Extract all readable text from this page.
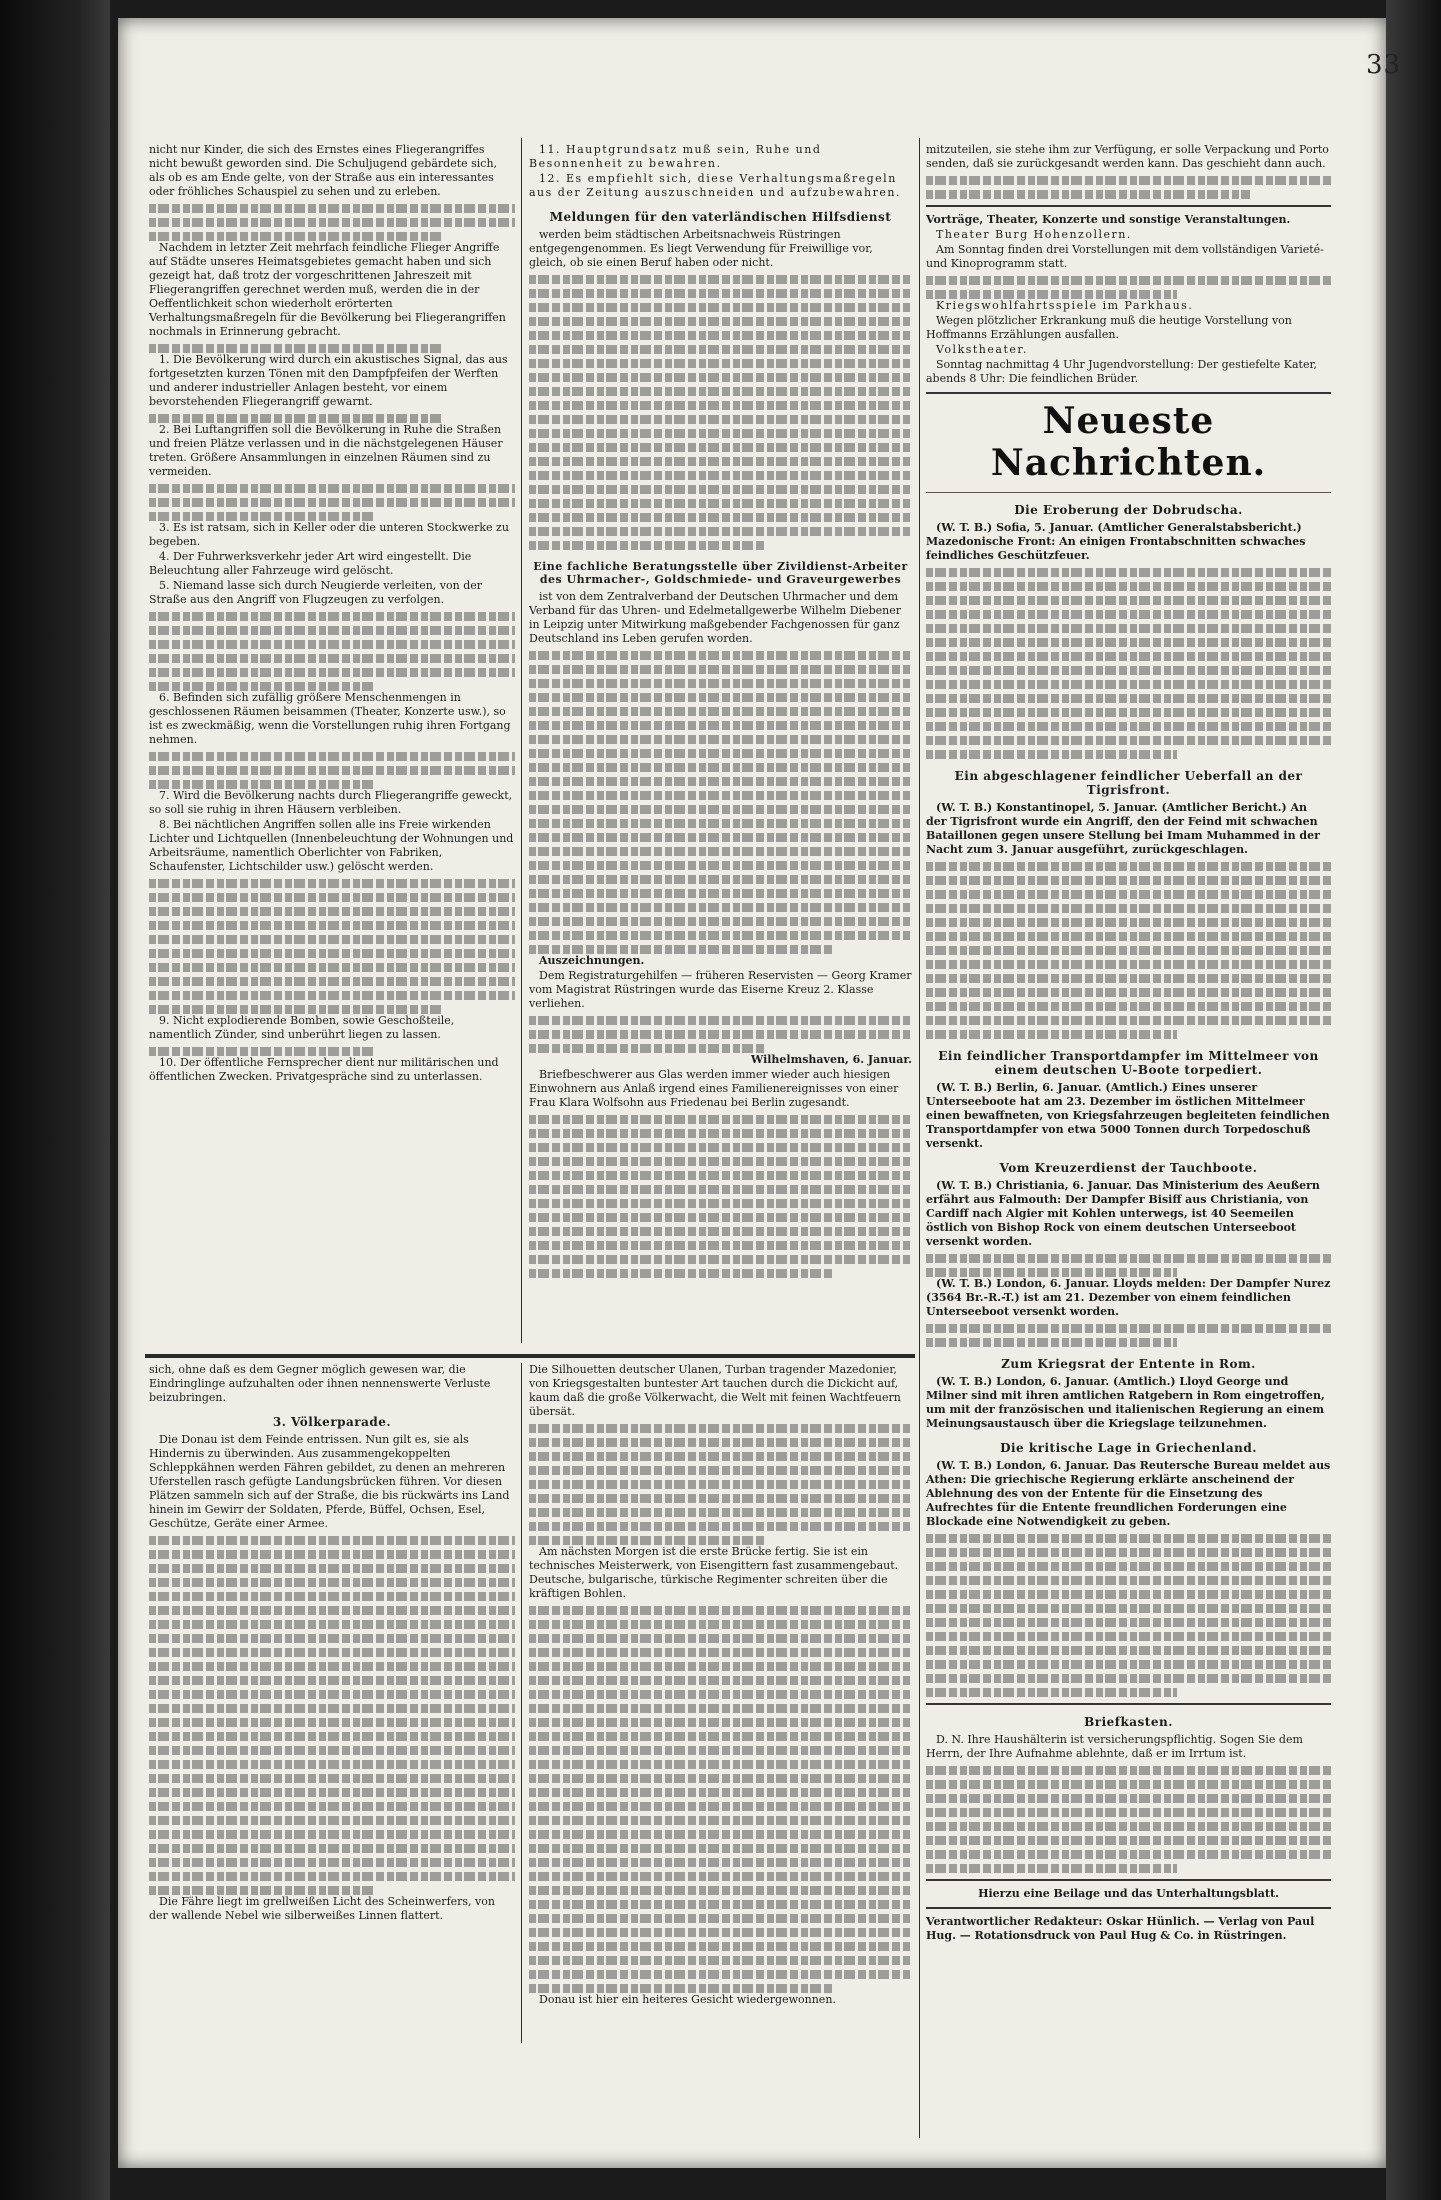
33

nicht nur Kinder, die sich des Ernstes eines Fliegerangriffes nicht bewußt geworden sind. Die Schuljugend gebärdete sich, als ob es am Ende gelte, von der Straße aus ein interessantes oder fröhliches Schauspiel zu sehen und zu erleben.

Nachdem in letzter Zeit mehrfach feindliche Flieger Angriffe auf Städte unseres Heimatsgebietes gemacht haben und sich gezeigt hat, daß trotz der vorgeschrittenen Jahreszeit mit Fliegerangriffen gerechnet werden muß, werden die in der Oeffentlichkeit schon wiederholt erörterten Verhaltungsmaßregeln für die Bevölkerung bei Fliegerangriffen nochmals in Erinnerung gebracht.

1. Die Bevölkerung wird durch ein akustisches Signal, das aus fortgesetzten kurzen Tönen mit den Dampfpfeifen der Werften und anderer industrieller Anlagen besteht, vor einem bevorstehenden Fliegerangriff gewarnt.

2. Bei Luftangriffen soll die Bevölkerung in Ruhe die Straßen und freien Plätze verlassen und in die nächstgelegenen Häuser treten. Größere Ansammlungen in einzelnen Räumen sind zu vermeiden.

3. Es ist ratsam, sich in Keller oder die unteren Stockwerke zu begeben.

4. Der Fuhrwerksverkehr jeder Art wird eingestellt. Die Beleuchtung aller Fahrzeuge wird gelöscht.

5. Niemand lasse sich durch Neugierde verleiten, von der Straße aus den Angriff von Flugzeugen zu verfolgen.

6. Befinden sich zufällig größere Menschenmengen in geschlossenen Räumen beisammen (Theater, Konzerte usw.), so ist es zweckmäßig, wenn die Vorstellungen ruhig ihren Fortgang nehmen.

7. Wird die Bevölkerung nachts durch Fliegerangriffe geweckt, so soll sie ruhig in ihren Häusern verbleiben.

8. Bei nächtlichen Angriffen sollen alle ins Freie wirkenden Lichter und Lichtquellen (Innenbeleuchtung der Wohnungen und Arbeitsräume, namentlich Oberlichter von Fabriken, Schaufenster, Lichtschilder usw.) gelöscht werden.

9. Nicht explodierende Bomben, sowie Geschoßteile, namentlich Zünder, sind unberührt liegen zu lassen.

10. Der öffentliche Fernsprecher dient nur militärischen und öffentlichen Zwecken. Privatgespräche sind zu unterlassen.

11. Hauptgrundsatz muß sein, Ruhe und Besonnenheit zu bewahren.

12. Es empfiehlt sich, diese Verhaltungsmaßregeln aus der Zeitung auszuschneiden und aufzubewahren.

Meldungen für den vaterländischen Hilfsdienst

werden beim städtischen Arbeitsnachweis Rüstringen entgegengenommen. Es liegt Verwendung für Freiwillige vor, gleich, ob sie einen Beruf haben oder nicht.

Eine fachliche Beratungsstelle über Zivildienst-Arbeiter des Uhrmacher-, Goldschmiede- und Graveurgewerbes

ist von dem Zentralverband der Deutschen Uhrmacher und dem Verband für das Uhren- und Edelmetallgewerbe Wilhelm Diebener in Leipzig unter Mitwirkung maßgebender Fachgenossen für ganz Deutschland ins Leben gerufen worden.

Auszeichnungen.

Dem Registraturgehilfen — früheren Reservisten — Georg Kramer vom Magistrat Rüstringen wurde das Eiserne Kreuz 2. Klasse verliehen.

Wilhelmshaven, 6. Januar.

Briefbeschwerer aus Glas werden immer wieder auch hiesigen Einwohnern aus Anlaß irgend eines Familienereignisses von einer Frau Klara Wolfsohn aus Friedenau bei Berlin zugesandt.

mitzuteilen, sie stehe ihm zur Verfügung, er solle Verpackung und Porto senden, daß sie zurückgesandt werden kann. Das geschieht dann auch.

Vorträge, Theater, Konzerte und sonstige Veranstaltungen.

Theater Burg Hohenzollern.

Am Sonntag finden drei Vorstellungen mit dem vollständigen Varieté- und Kinoprogramm statt.

Kriegswohlfahrtsspiele im Parkhaus.

Wegen plötzlicher Erkrankung muß die heutige Vorstellung von Hoffmanns Erzählungen ausfallen.

Volkstheater.

Sonntag nachmittag 4 Uhr Jugendvorstellung: Der gestiefelte Kater, abends 8 Uhr: Die feindlichen Brüder.

Neueste Nachrichten.
Die Eroberung der Dobrudscha.

(W. T. B.) Sofia, 5. Januar. (Amtlicher Generalstabsbericht.) Mazedonische Front: An einigen Frontabschnitten schwaches feindliches Geschützfeuer.

Ein abgeschlagener feindlicher Ueberfall an der Tigrisfront.

(W. T. B.) Konstantinopel, 5. Januar. (Amtlicher Bericht.) An der Tigrisfront wurde ein Angriff, den der Feind mit schwachen Bataillonen gegen unsere Stellung bei Imam Muhammed in der Nacht zum 3. Januar ausgeführt, zurückgeschlagen.

Ein feindlicher Transportdampfer im Mittelmeer von einem deutschen U-Boote torpediert.

(W. T. B.) Berlin, 6. Januar. (Amtlich.) Eines unserer Unterseeboote hat am 23. Dezember im östlichen Mittelmeer einen bewaffneten, von Kriegsfahrzeugen begleiteten feindlichen Transportdampfer von etwa 5000 Tonnen durch Torpedoschuß versenkt.

Vom Kreuzerdienst der Tauchboote.

(W. T. B.) Christiania, 6. Januar. Das Ministerium des Aeußern erfährt aus Falmouth: Der Dampfer Bisiff aus Christiania, von Cardiff nach Algier mit Kohlen unterwegs, ist 40 Seemeilen östlich von Bishop Rock von einem deutschen Unterseeboot versenkt worden.

(W. T. B.) London, 6. Januar. Lloyds melden: Der Dampfer Nurez (3564 Br.-R.-T.) ist am 21. Dezember von einem feindlichen Unterseeboot versenkt worden.

Zum Kriegsrat der Entente in Rom.

(W. T. B.) London, 6. Januar. (Amtlich.) Lloyd George und Milner sind mit ihren amtlichen Ratgebern in Rom eingetroffen, um mit der französischen und italienischen Regierung an einem Meinungsaustausch über die Kriegslage teilzunehmen.

Die kritische Lage in Griechenland.

(W. T. B.) London, 6. Januar. Das Reutersche Bureau meldet aus Athen: Die griechische Regierung erklärte anscheinend der Ablehnung des von der Entente für die Einsetzung des Aufrechtes für die Entente freundlichen Forderungen eine Blockade eine Notwendigkeit zu geben.

Briefkasten.

D. N. Ihre Haushälterin ist versicherungspflichtig. Sogen Sie dem Herrn, der Ihre Aufnahme ablehnte, daß er im Irrtum ist.

Hierzu eine Beilage und das Unterhaltungsblatt.

Verantwortlicher Redakteur: Oskar Hünlich. — Verlag von Paul Hug. — Rotationsdruck von Paul Hug & Co. in Rüstringen.

sich, ohne daß es dem Gegner möglich gewesen war, die Eindringlinge aufzuhalten oder ihnen nennenswerte Verluste beizubringen.

3. Völkerparade.

Die Donau ist dem Feinde entrissen. Nun gilt es, sie als Hindernis zu überwinden. Aus zusammengekoppelten Schleppkähnen werden Fähren gebildet, zu denen an mehreren Uferstellen rasch gefügte Landungsbrücken führen. Vor diesen Plätzen sammeln sich auf der Straße, die bis rückwärts ins Land hinein im Gewirr der Soldaten, Pferde, Büffel, Ochsen, Esel, Geschütze, Geräte einer Armee.

Die Fähre liegt im grellweißen Licht des Scheinwerfers, von der wallende Nebel wie silberweißes Linnen flattert.

Die Silhouetten deutscher Ulanen, Turban tragender Mazedonier, von Kriegsgestalten buntester Art tauchen durch die Dickicht auf, kaum daß die große Völkerwacht, die Welt mit feinen Wachtfeuern übersät.

Am nächsten Morgen ist die erste Brücke fertig. Sie ist ein technisches Meisterwerk, von Eisengittern fast zusammengebaut. Deutsche, bulgarische, türkische Regimenter schreiten über die kräftigen Bohlen.

Donau ist hier ein heiteres Gesicht wiedergewonnen.
